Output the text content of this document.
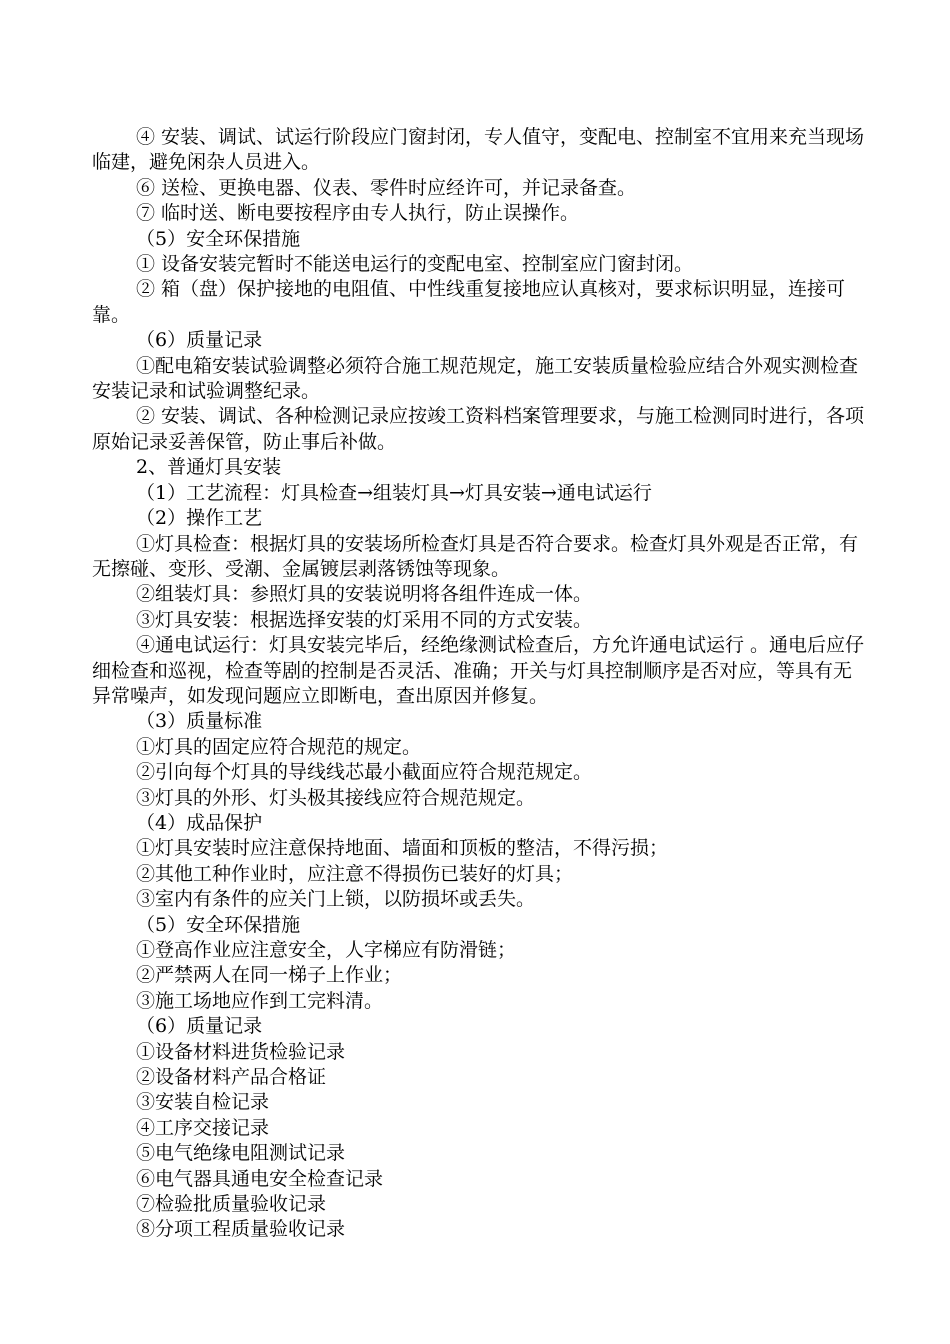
④ 安装、调试、试运行阶段应门窗封闭，专人值守，变配电、控制室不宜用来充当现场临建，避免闲杂人员进入。

⑥ 送检、更换电器、仪表、零件时应经许可，并记录备查。

⑦ 临时送、断电要按程序由专人执行，防止误操作。

（5）安全环保措施

① 设备安装完暂时不能送电运行的变配电室、控制室应门窗封闭。

② 箱（盘）保护接地的电阻值、中性线重复接地应认真核对，要求标识明显，连接可靠。

（6）质量记录

①配电箱安装试验调整必须符合施工规范规定，施工安装质量检验应结合外观实测检查安装记录和试验调整纪录。

② 安装、调试、各种检测记录应按竣工资料档案管理要求，与施工检测同时进行，各项原始记录妥善保管，防止事后补做。

2、普通灯具安装

（1）工艺流程：灯具检查→组装灯具→灯具安装→通电试运行

（2）操作工艺

①灯具检查：根据灯具的安装场所检查灯具是否符合要求。检查灯具外观是否正常，有无擦碰、变形、受潮、金属镀层剥落锈蚀等现象。

②组装灯具：参照灯具的安装说明将各组件连成一体。

③灯具安装：根据选择安装的灯采用不同的方式安装。

④通电试运行：灯具安装完毕后，经绝缘测试检查后，方允许通电试运行 。通电后应仔细检查和巡视，检查等剧的控制是否灵活、准确；开关与灯具控制顺序是否对应，等具有无异常噪声，如发现问题应立即断电，查出原因并修复。

（3）质量标准

①灯具的固定应符合规范的规定。

②引向每个灯具的导线线芯最小截面应符合规范规定。

③灯具的外形、灯头极其接线应符合规范规定。

（4）成品保护

①灯具安装时应注意保持地面、墙面和顶板的整洁，不得污损；

②其他工种作业时，应注意不得损伤已装好的灯具；

③室内有条件的应关门上锁，以防损坏或丢失。

（5）安全环保措施

①登高作业应注意安全，人字梯应有防滑链；

②严禁两人在同一梯子上作业；

③施工场地应作到工完料清。

（6）质量记录

①设备材料进货检验记录

②设备材料产品合格证

③安装自检记录

④工序交接记录

⑤电气绝缘电阻测试记录

⑥电气器具通电安全检查记录

⑦检验批质量验收记录

⑧分项工程质量验收记录
